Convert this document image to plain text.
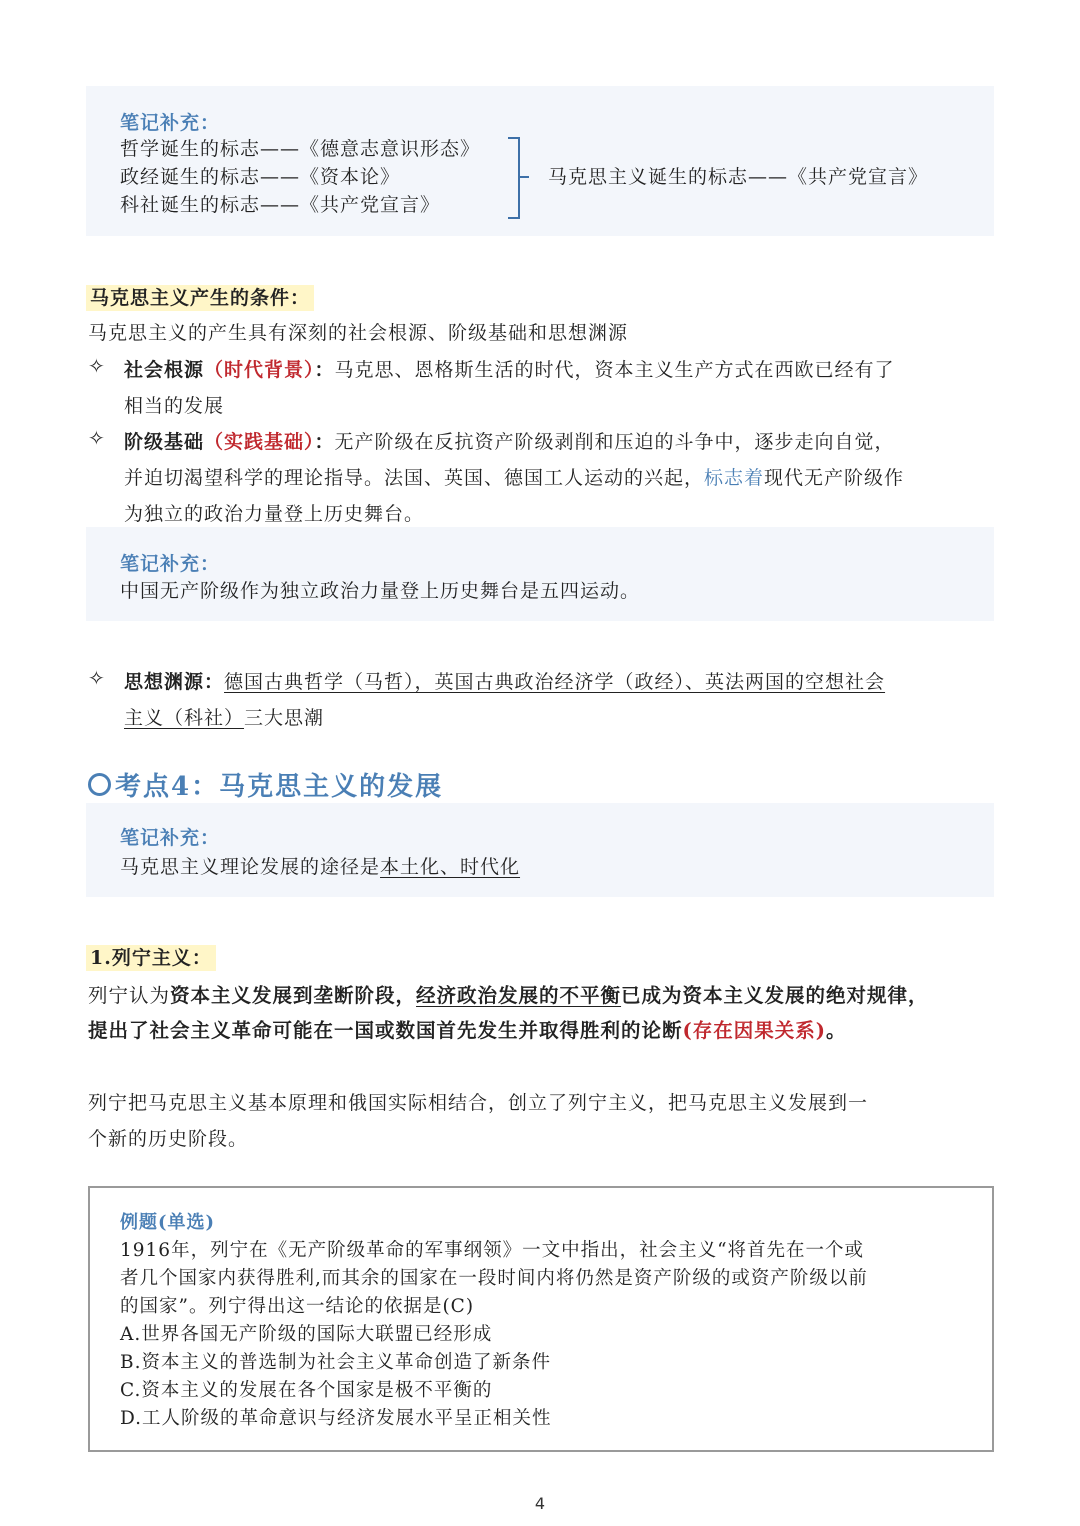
笔记补充：
哲学诞生的标志——《德意志意识形态》
政经诞生的标志——《资本论》
科社诞生的标志——《共产党宣言》
马克思主义诞生的标志——《共产党宣言》
马克思主义产生的条件：
马克思主义的产生具有深刻的社会根源、阶级基础和思想渊源
✧ 社会根源（时代背景）：马克思、恩格斯生活的时代，资本主义生产方式在西欧已经有了
相当的发展
✧ 阶级基础（实践基础）：无产阶级在反抗资产阶级剥削和压迫的斗争中，逐步走向自觉，
并迫切渴望科学的理论指导。法国、英国、德国工人运动的兴起，标志着现代无产阶级作
为独立的政治力量登上历史舞台。
笔记补充：
中国无产阶级作为独立政治力量登上历史舞台是五四运动。
✧ 思想渊源：德国古典哲学（马哲），英国古典政治经济学（政经）、英法两国的空想社会
主义（科社）三大思潮
考点4：马克思主义的发展
笔记补充：
马克思主义理论发展的途径是本土化、时代化
1.列宁主义：
列宁认为资本主义发展到垄断阶段，经济政治发展的不平衡已成为资本主义发展的绝对规律，
提出了社会主义革命可能在一国或数国首先发生并取得胜利的论断(存在因果关系)。
列宁把马克思主义基本原理和俄国实际相结合，创立了列宁主义，把马克思主义发展到一
个新的历史阶段。
例题(单选)
1916年，列宁在《无产阶级革命的军事纲领》一文中指出，社会主义“将首先在一个或
者几个国家内获得胜利,而其余的国家在一段时间内将仍然是资产阶级的或资产阶级以前
的国家”。列宁得出这一结论的依据是(C)
A.世界各国无产阶级的国际大联盟已经形成
B.资本主义的普选制为社会主义革命创造了新条件
C.资本主义的发展在各个国家是极不平衡的
D.工人阶级的革命意识与经济发展水平呈正相关性
4
